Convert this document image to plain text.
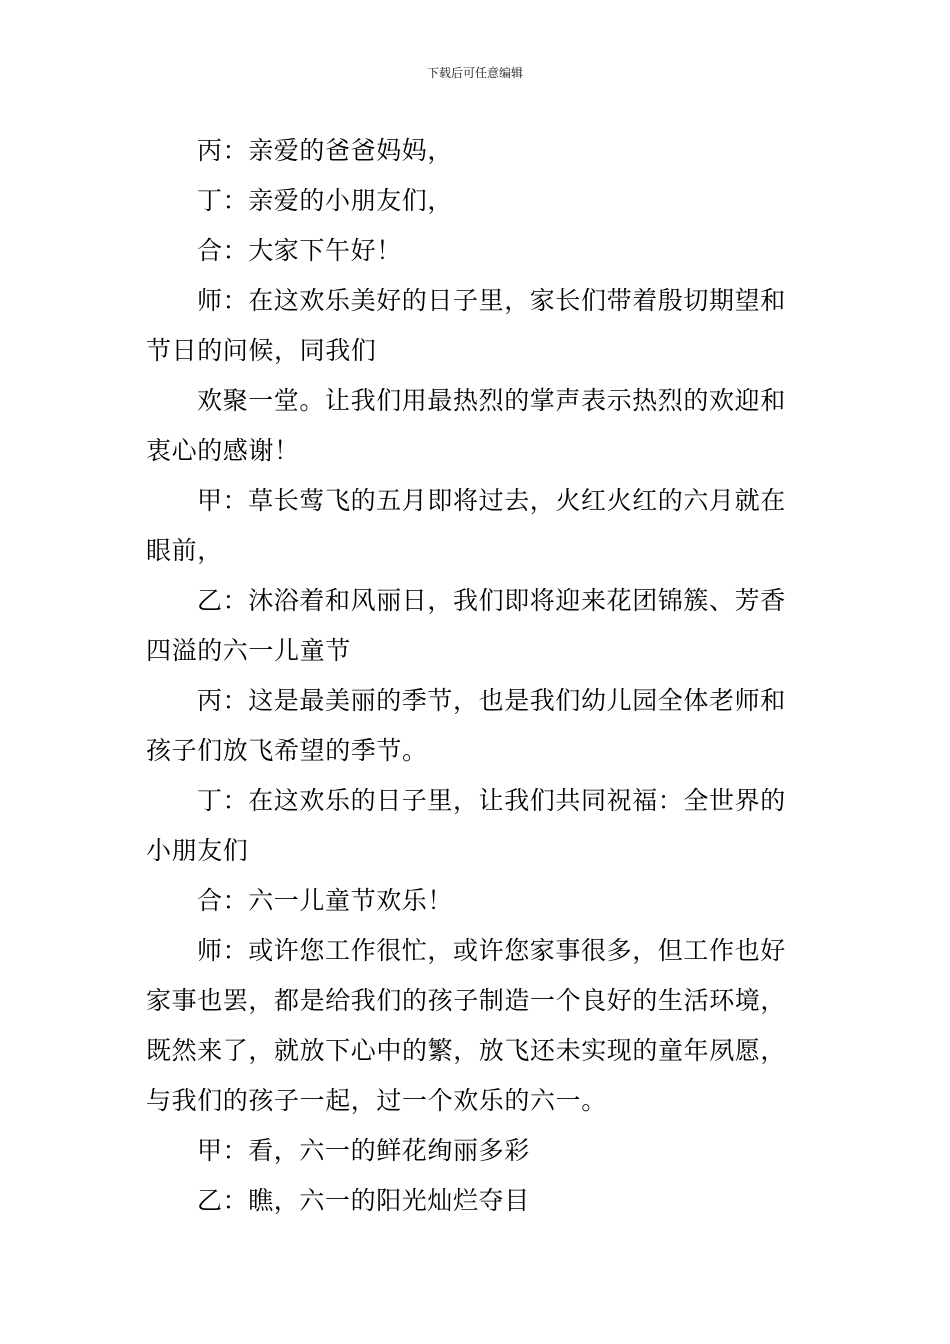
下载后可任意编辑
丙：亲爱的爸爸妈妈，
丁：亲爱的小朋友们，
合：大家下午好！
师：在这欢乐美好的日子里，家长们带着殷切期望和
节日的问候，同我们
欢聚一堂。让我们用最热烈的掌声表示热烈的欢迎和
衷心的感谢！
甲：草长莺飞的五月即将过去，火红火红的六月就在
眼前，
乙：沐浴着和风丽日，我们即将迎来花团锦簇、芳香
四溢的六一儿童节
丙：这是最美丽的季节，也是我们幼儿园全体老师和
孩子们放飞希望的季节。
丁：在这欢乐的日子里，让我们共同祝福：全世界的
小朋友们
合：六一儿童节欢乐！
师：或许您工作很忙，或许您家事很多，但工作也好
家事也罢，都是给我们的孩子制造一个良好的生活环境，
既然来了，就放下心中的繁，放飞还未实现的童年夙愿，
与我们的孩子一起，过一个欢乐的六一。
甲：看，六一的鲜花绚丽多彩
乙：瞧，六一的阳光灿烂夺目
